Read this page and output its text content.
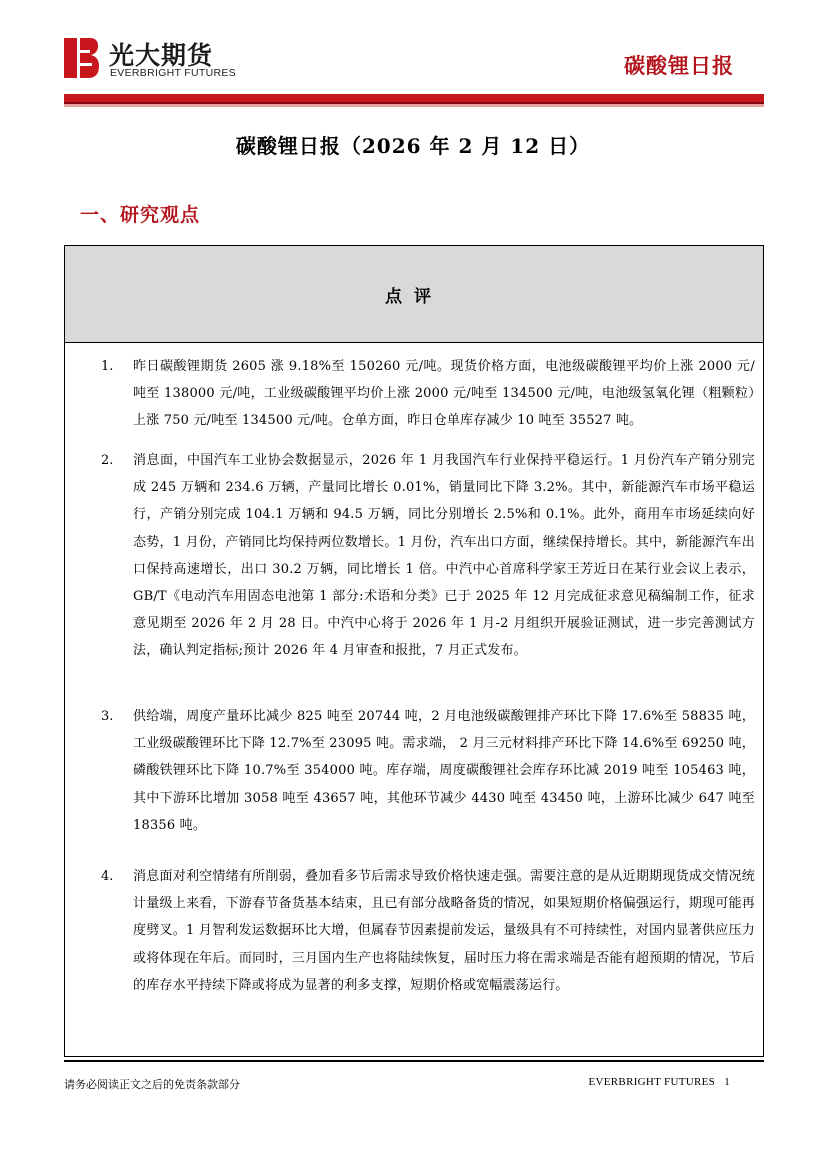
光大期货
EVERBRIGHT FUTURES	碳酸锂日报
碳酸锂日报（2026 年 2 月 12 日）
一、研究观点
点评
1. 昨日碳酸锂期货 2605 涨 9.18%至 150260 元/吨。现货价格方面，电池级碳酸锂平均价上涨 2000 元/吨至 138000 元/吨，工业级碳酸锂平均价上涨 2000 元/吨至 134500 元/吨，电池级氢氧化锂（粗颗粒）上涨 750 元/吨至 134500 元/吨。仓单方面，昨日仓单库存减少 10 吨至 35527 吨。
2. 消息面，中国汽车工业协会数据显示，2026 年 1 月我国汽车行业保持平稳运行。1 月份汽车产销分别完成 245 万辆和 234.6 万辆，产量同比增长 0.01%，销量同比下降 3.2%。其中，新能源汽车市场平稳运行，产销分别完成 104.1 万辆和 94.5 万辆，同比分别增长 2.5%和 0.1%。此外，商用车市场延续向好态势，1 月份，产销同比均保持两位数增长。1 月份，汽车出口方面，继续保持增长。其中，新能源汽车出口保持高速增长，出口 30.2 万辆，同比增长 1 倍。中汽中心首席科学家王芳近日在某行业会议上表示，GB/T《电动汽车用固态电池第 1 部分:术语和分类》已于 2025 年 12 月完成征求意见稿编制工作，征求意见期至 2026 年 2 月 28 日。中汽中心将于 2026 年 1 月-2 月组织开展验证测试，进一步完善测试方法，确认判定指标;预计 2026 年 4 月审查和报批，7 月正式发布。
3. 供给端，周度产量环比减少 825 吨至 20744 吨，2 月电池级碳酸锂排产环比下降 17.6%至 58835 吨，工业级碳酸锂环比下降 12.7%至 23095 吨。需求端， 2 月三元材料排产环比下降 14.6%至 69250 吨，磷酸铁锂环比下降 10.7%至 354000 吨。库存端，周度碳酸锂社会库存环比减 2019 吨至 105463 吨，其中下游环比增加 3058 吨至 43657 吨，其他环节减少 4430 吨至 43450 吨，上游环比减少 647 吨至 18356 吨。
4. 消息面对利空情绪有所削弱，叠加看多节后需求导致价格快速走强。需要注意的是从近期期现货成交情况统计量级上来看，下游春节备货基本结束，且已有部分战略备货的情况，如果短期价格偏强运行，期现可能再度劈叉。1 月智利发运数据环比大增，但属春节因素提前发运，量级具有不可持续性，对国内显著供应压力或将体现在年后。而同时，三月国内生产也将陆续恢复，届时压力将在需求端是否能有超预期的情况，节后的库存水平持续下降或将成为显著的利多支撑，短期价格或宽幅震荡运行。
请务必阅读正文之后的免责条款部分	EVERBRIGHT FUTURES 1
